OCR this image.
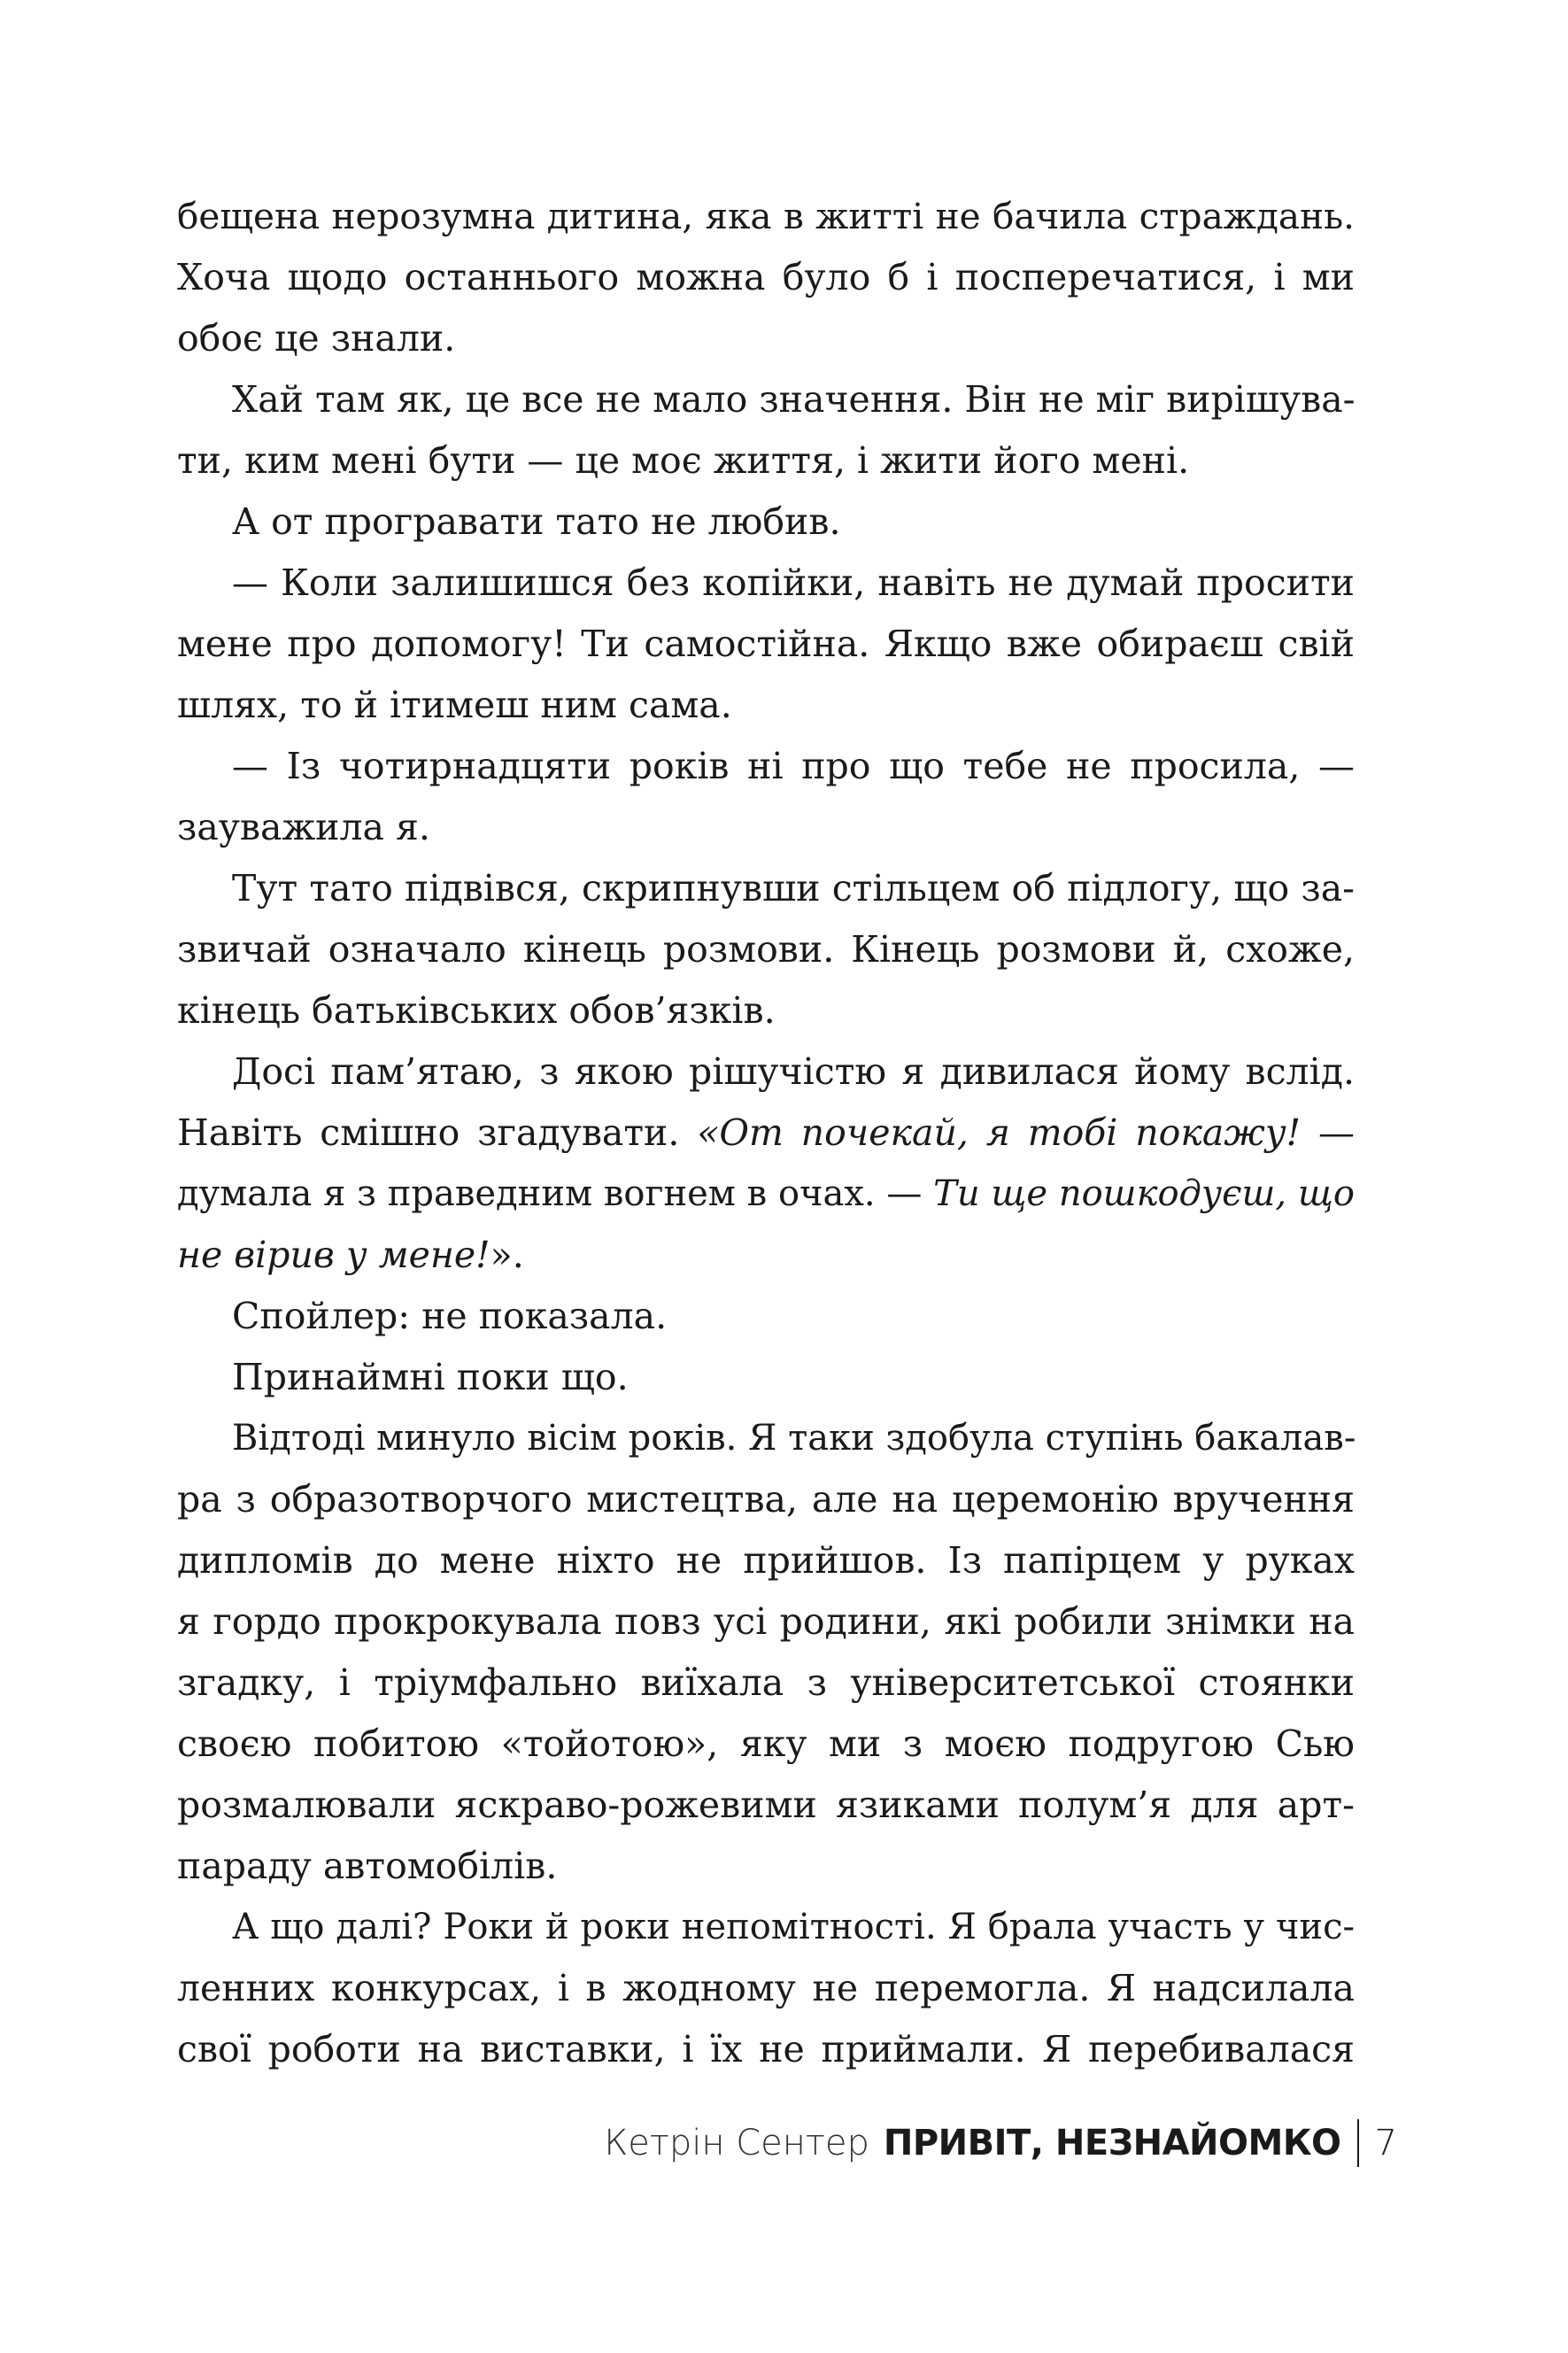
бещена нерозумна дитина, яка в житті не бачила страждань.
Хоча щодо останнього можна було б і посперечатися, і ми
обоє це знали.
Хай там як, це все не мало значення. Він не міг вирішува-
ти, ким мені бути — це моє життя, і жити його мені.
А от програвати тато не любив.
— Коли залишишся без копійки, навіть не думай просити
мене про допомогу! Ти самостійна. Якщо вже обираєш свій
шлях, то й ітимеш ним сама.
— Із чотирнадцяти років ні про що тебе не просила, —
зауважила я.
Тут тато підвівся, скрипнувши стільцем об підлогу, що за-
звичай означало кінець розмови. Кінець розмови й, схоже,
кінець батьківських обов’язків.
Досі пам’ятаю, з якою рішучістю я дивилася йому вслід.
Навіть смішно згадувати. «От почекай, я тобі покажу! —
думала я з праведним вогнем в очах. — Ти ще пошкодуєш, що
не вірив у мене!».
Спойлер: не показала.
Принаймні поки що.
Відтоді минуло вісім років. Я таки здобула ступінь бакалав-
ра з образотворчого мистецтва, але на церемонію вручення
дипломів до мене ніхто не прийшов. Із папірцем у руках
я гордо прокрокувала повз усі родини, які робили знімки на
згадку, і тріумфально виїхала з університетської стоянки
своєю побитою «тойотою», яку ми з моєю подругою Сью
розмалювали яскраво-рожевими язиками полум’я для арт-
параду автомобілів.
А що далі? Роки й роки непомітності. Я брала участь у чис-
ленних конкурсах, і в жодному не перемогла. Я надсилала
свої роботи на виставки, і їх не приймали. Я перебивалася
Кетрін Сентер ПРИВІТ, НЕЗНАЙОМКО 7
